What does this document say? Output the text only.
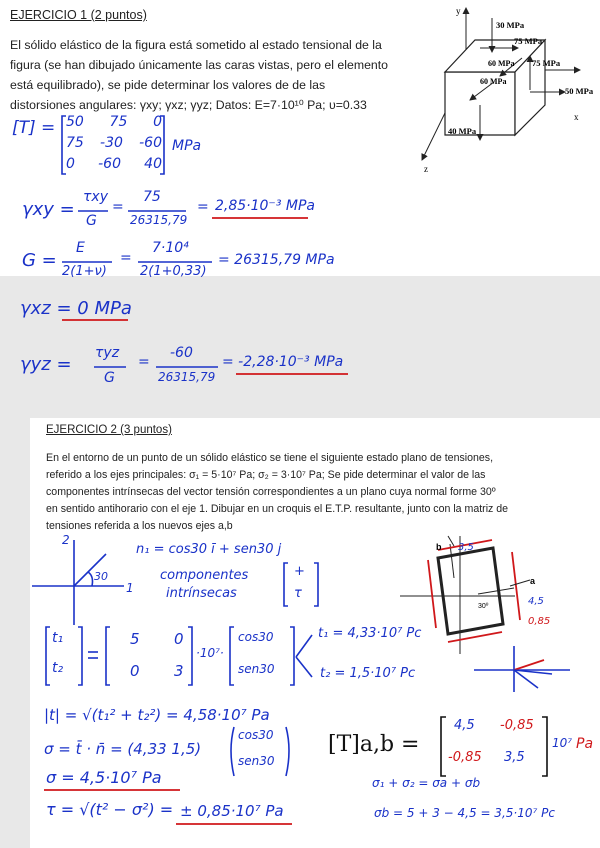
EJERCICIO 1 (2 puntos)
El sólido elástico de la figura está sometido al estado tensional de la
figura (se han dibujado únicamente las caras vistas, pero el elemento
está equilibrado), se pide determinar los valores de de las
distorsiones angulares: γxy; γxz; γyz; Datos: E=7·10¹⁰ Pa; υ=0.33
y
x
z
30 MPa
75 MPa
60 MPa 75 MPa
50 MPa
60 MPa
40 MPa
[T] = 50 75 0
75 -30 -60
0 -60 40
MPa
γxy =
τxy
G
=
75
26315,79
= 2,85·10⁻³ MPa
G =
E
2(1+ν)
=
7·10⁴
2(1+0,33)
= 26315,79 MPa
γxz = 0 MPa
γyz =
τyz
G
=
-60
26315,79
= -2,28·10⁻³ MPa
EJERCICIO 2 (3 puntos)
En el entorno de un punto de un sólido elástico se tiene el siguiente estado plano de tensiones,
referido a los ejes principales: σ₁ = 5·10⁷ Pa; σ₂ = 3·10⁷ Pa; Se pide determinar el valor de las
componentes intrínsecas del vector tensión correspondientes a un plano cuya normal forme 30º
en sentido antihorario con el eje 1. Dibujar en un croquis el E.T.P. resultante, junto con la matriz de
tensiones referida a los nuevos ejes a,b
2
1
30
n₁ = cos30 ī + sen30 j
componentes
intrínsecas
+
τ
b
a
3,5
4,5
0,85
30º
t₁
t₂
5 0
0 3
·10⁷·
cos30
sen30
t₁ = 4,33·10⁷ Pc
t₂ = 1,5·10⁷ Pc
|t| = √(t₁² + t₂²) = 4,58·10⁷ Pa
σ = t̄ · n̄ = (4,33 1,5)
cos30
sen30
[T]a,b =
4,5 -0,85
-0,85 3,5
10⁷ Pa
σ = 4,5·10⁷ Pa	σ₁ + σ₂ = σa + σb
τ = √(t² − σ²) = ± 0,85·10⁷ Pa	σb = 5 + 3 − 4,5 = 3,5·10⁷ Pc
